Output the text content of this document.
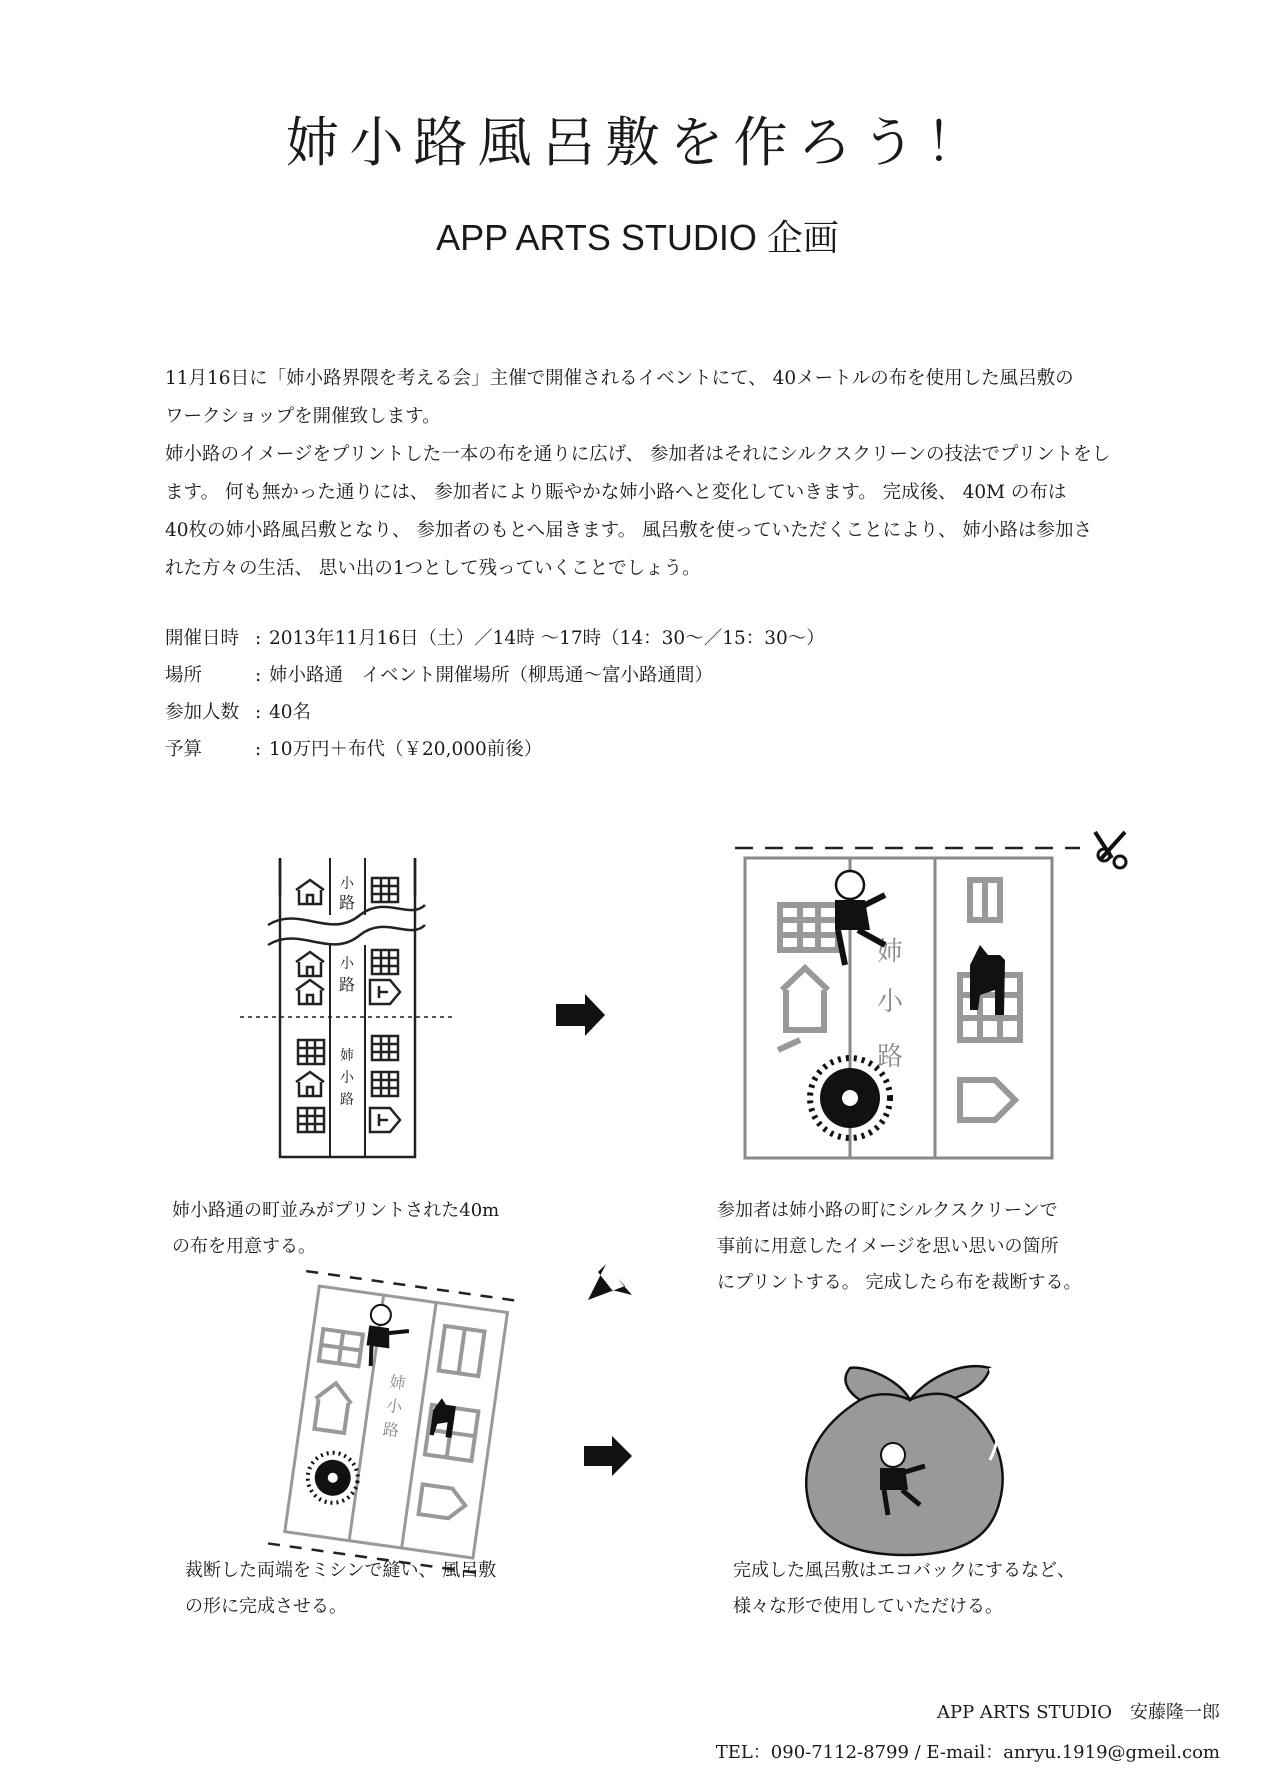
姉小路風呂敷を作ろう！
APP ARTS STUDIO 企画

11月16日に「姉小路界隈を考える会」主催で開催されるイベントにて、 40メートルの布を使用した風呂敷の

ワークショップを開催致します。

姉小路のイメージをプリントした一本の布を通りに広げ、 参加者はそれにシルクスクリーンの技法でプリントをし

ます。 何も無かった通りには、 参加者により賑やかな姉小路へと変化していきます。 完成後、 40M の布は

40枚の姉小路風呂敷となり、 参加者のもとへ届きます。 風呂敷を使っていただくことにより、 姉小路は参加さ

れた方々の生活、 思い出の1つとして残っていくことでしょう。

開催日時 : 2013年11月16日（土）／14時 ～17時（14：30～／15：30～）
場所	: 姉小路通　イベント開催場所（柳馬通～富小路通間）
参加人数 : 40名
予算	: 10万円＋布代（￥20,000前後）
小
路
小
路
姉
小
路
姉
小
路
姉
小
路

姉小路通の町並みがプリントされた40m

の布を用意する。

参加者は姉小路の町にシルクスクリーンで

事前に用意したイメージを思い思いの箇所

にプリントする。 完成したら布を裁断する。

裁断した両端をミシンで縫い、 風呂敷

の形に完成させる。

完成した風呂敷はエコバックにするなど、

様々な形で使用していただける。

APP ARTS STUDIO　安藤隆一郎
TEL：090-7112-8799 / E-mail：anryu.1919@gmeil.com
